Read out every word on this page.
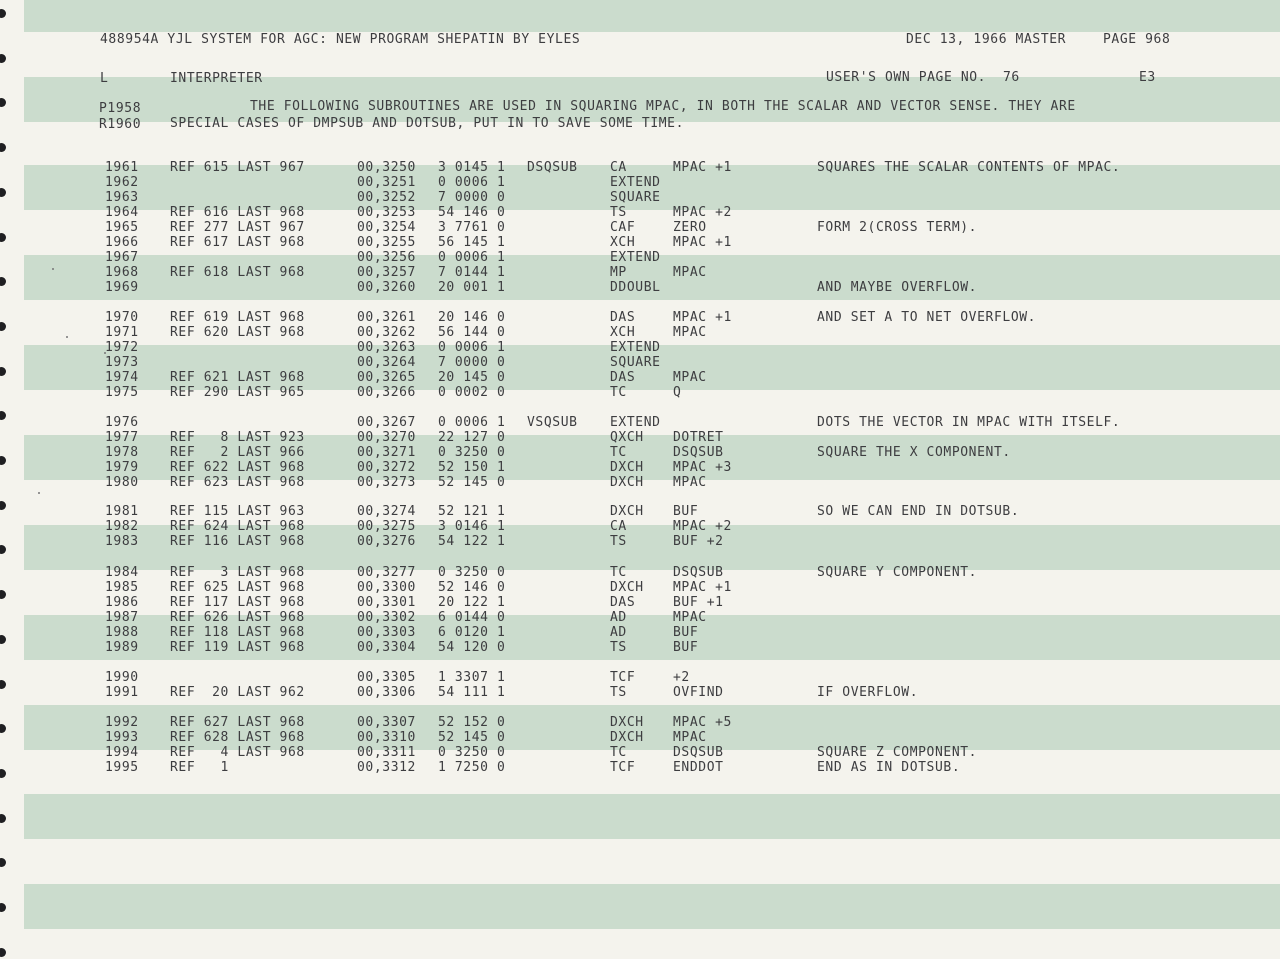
488954A YJL SYSTEM FOR AGC: NEW PROGRAM SHEPATIN BY EYLES	DEC 13, 1966 MASTER	PAGE 968
L	INTERPRETER	USER'S OWN PAGE NO.  76	E3
P1958	THE FOLLOWING SUBROUTINES ARE USED IN SQUARING MPAC, IN BOTH THE SCALAR AND VECTOR SENSE. THEY ARE
R1960 SPECIAL CASES OF DMPSUB AND DOTSUB, PUT IN TO SAVE SOME TIME.
1961 REF 615 LAST 967	00,3250 3 0145 1 DSQSUB CA	MPAC +1	SQUARES THE SCALAR CONTENTS OF MPAC.
1962	00,3251 0 0006 1	EXTEND
1963	00,3252 7 0000 0	SQUARE
1964 REF 616 LAST 968	00,3253 54 146 0	TS	MPAC +2
1965 REF 277 LAST 967	00,3254 3 7761 0	CAF	ZERO	FORM 2(CROSS TERM).
1966 REF 617 LAST 968	00,3255 56 145 1	XCH	MPAC +1
1967	00,3256 0 0006 1	EXTEND
1968 REF 618 LAST 968	00,3257 7 0144 1	MP	MPAC
1969	00,3260 20 001 1	DDOUBL	AND MAYBE OVERFLOW.
1970 REF 619 LAST 968	00,3261 20 146 0	DAS	MPAC +1	AND SET A TO NET OVERFLOW.
1971 REF 620 LAST 968	00,3262 56 144 0	XCH	MPAC
1972	00,3263 0 0006 1	EXTEND
1973	00,3264 7 0000 0	SQUARE
1974 REF 621 LAST 968	00,3265 20 145 0	DAS	MPAC
1975 REF 290 LAST 965	00,3266 0 0002 0	TC	Q
1976	00,3267 0 0006 1 VSQSUB EXTEND	DOTS THE VECTOR IN MPAC WITH ITSELF.
1977 REF   8 LAST 923	00,3270 22 127 0	QXCH DOTRET
1978 REF   2 LAST 966	00,3271 0 3250 0	TC	DSQSUB	SQUARE THE X COMPONENT.
1979 REF 622 LAST 968	00,3272 52 150 1	DXCH MPAC +3
1980 REF 623 LAST 968	00,3273 52 145 0	DXCH MPAC
1981 REF 115 LAST 963	00,3274 52 121 1	DXCH BUF	SO WE CAN END IN DOTSUB.
1982 REF 624 LAST 968	00,3275 3 0146 1	CA	MPAC +2
1983 REF 116 LAST 968	00,3276 54 122 1	TS	BUF +2
1984 REF   3 LAST 968	00,3277 0 3250 0	TC	DSQSUB	SQUARE Y COMPONENT.
1985 REF 625 LAST 968	00,3300 52 146 0	DXCH MPAC +1
1986 REF 117 LAST 968	00,3301 20 122 1	DAS	BUF +1
1987 REF 626 LAST 968	00,3302 6 0144 0	AD	MPAC
1988 REF 118 LAST 968	00,3303 6 0120 1	AD	BUF
1989 REF 119 LAST 968	00,3304 54 120 0	TS	BUF
1990	00,3305 1 3307 1	TCF	+2
1991 REF  20 LAST 962	00,3306 54 111 1	TS	OVFIND	IF OVERFLOW.
1992 REF 627 LAST 968	00,3307 52 152 0	DXCH MPAC +5
1993 REF 628 LAST 968	00,3310 52 145 0	DXCH MPAC
1994 REF   4 LAST 968	00,3311 0 3250 0	TC	DSQSUB	SQUARE Z COMPONENT.
1995 REF   1	00,3312 1 7250 0	TCF	ENDDOT	END AS IN DOTSUB.
